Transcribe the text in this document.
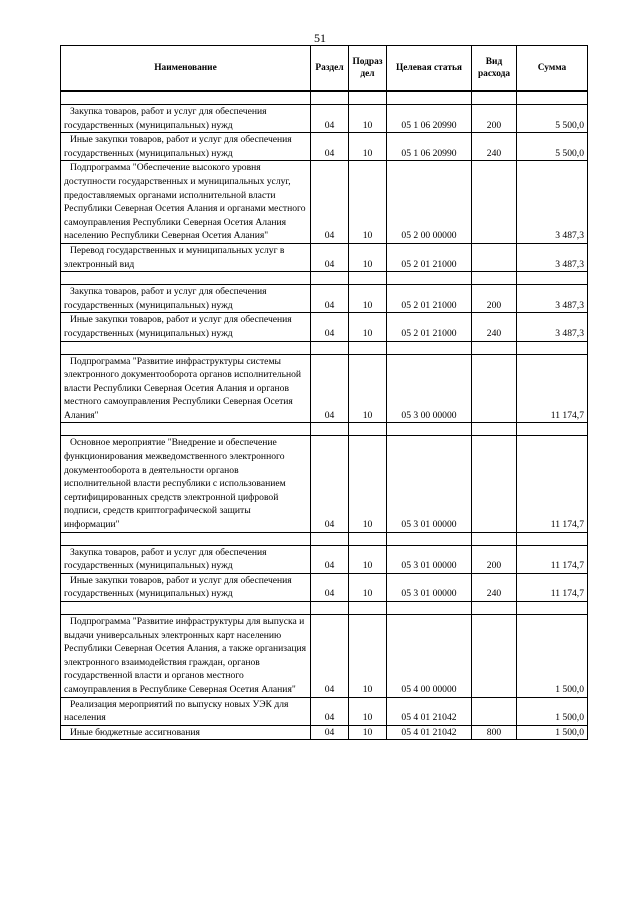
51
Наименование	Раздел	Подраз дел	Целевая статья	Вид расхода	Сумма

Закупка товаров, работ и услуг для обеспечения государственных (муниципальных) нужд	04	10	05 1 06 20990	200	5 500,0
Иные закупки товаров, работ и услуг для обеспечения государственных (муниципальных) нужд	04	10	05 1 06 20990	240	5 500,0
Подпрограмма "Обеспечение высокого уровня доступности государственных и муниципальных услуг, предоставляемых органами исполнительной власти Республики Северная Осетия Алания и органами местного самоуправления Республики Северная Осетия Алания населению Республики Северная Осетия Алания"	04	10	05 2 00 00000		3 487,3
Перевод государственных и муниципальных услуг в электронный вид	04	10	05 2 01 21000		3 487,3

Закупка товаров, работ и услуг для обеспечения государственных (муниципальных) нужд	04	10	05 2 01 21000	200	3 487,3
Иные закупки товаров, работ и услуг для обеспечения государственных (муниципальных) нужд	04	10	05 2 01 21000	240	3 487,3

Подпрограмма "Развитие инфраструктуры системы электронного документооборота органов исполнительной власти Республики Северная Осетия Алания и органов местного самоуправления Республики Северная Осетия Алания"	04	10	05 3 00 00000		11 174,7

Основное мероприятие "Внедрение и обеспечение функционирования межведомственного электронного документооборота в деятельности органов исполнительной власти республики с использованием сертифицированных средств электронной цифровой подписи, средств криптографической защиты информации"	04	10	05 3 01 00000		11 174,7

Закупка товаров, работ и услуг для обеспечения государственных (муниципальных) нужд	04	10	05 3 01 00000	200	11 174,7
Иные закупки товаров, работ и услуг для обеспечения государственных (муниципальных) нужд	04	10	05 3 01 00000	240	11 174,7

Подпрограмма "Развитие инфраструктуры для выпуска и выдачи универсальных электронных карт населению Республики Северная Осетия Алания, а также организация электронного взаимодействия граждан, органов государственной власти и органов местного самоуправления в Республике Северная Осетия Алания"	04	10	05 4 00 00000		1 500,0
Реализация мероприятий по выпуску новых УЭК для населения	04	10	05 4 01 21042		1 500,0
Иные бюджетные ассигнования	04	10	05 4 01 21042	800	1 500,0
